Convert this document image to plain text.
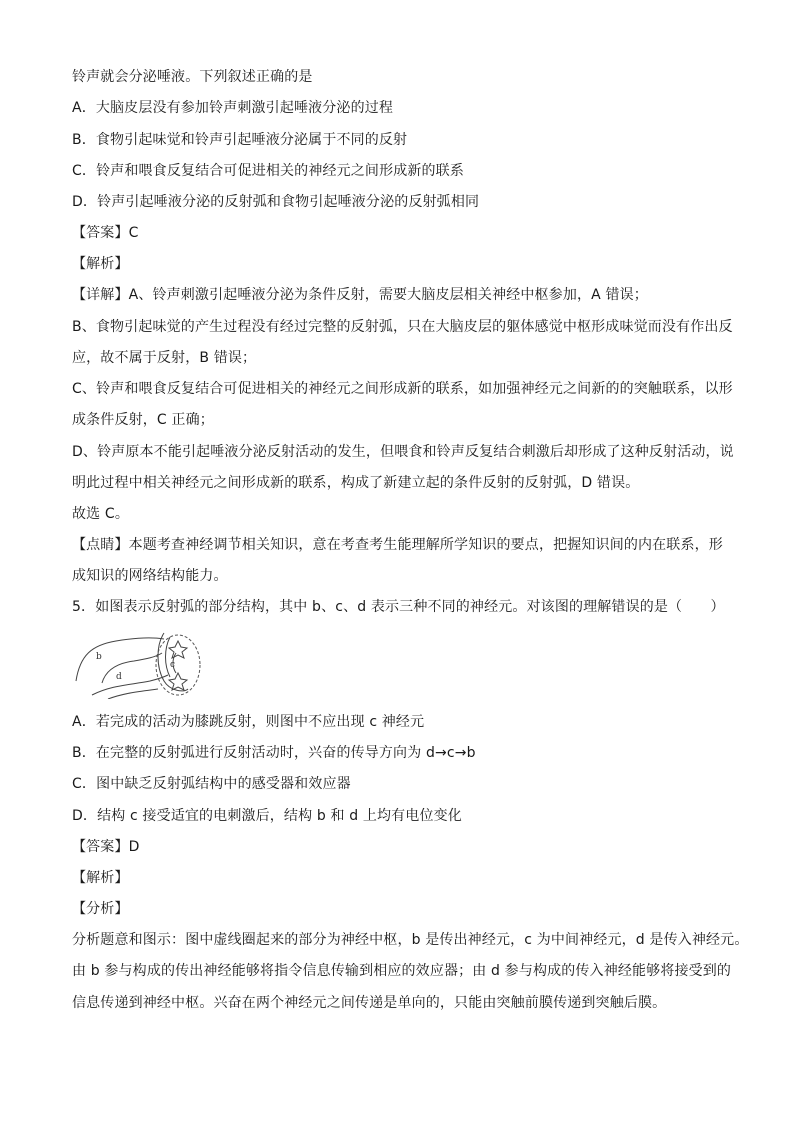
铃声就会分泌唾液。下列叙述正确的是
A．大脑皮层没有参加铃声刺激引起唾液分泌的过程
B．食物引起味觉和铃声引起唾液分泌属于不同的反射
C．铃声和喂食反复结合可促进相关的神经元之间形成新的联系
D．铃声引起唾液分泌的反射弧和食物引起唾液分泌的反射弧相同
【答案】C
【解析】
【详解】A、铃声刺激引起唾液分泌为条件反射，需要大脑皮层相关神经中枢参加，A 错误；
B、食物引起味觉的产生过程没有经过完整的反射弧，只在大脑皮层的躯体感觉中枢形成味觉而没有作出反
应，故不属于反射，B 错误；
C、铃声和喂食反复结合可促进相关的神经元之间形成新的联系，如加强神经元之间新的的突触联系，以形
成条件反射，C 正确；
D、铃声原本不能引起唾液分泌反射活动的发生，但喂食和铃声反复结合刺激后却形成了这种反射活动，说
明此过程中相关神经元之间形成新的联系，构成了新建立起的条件反射的反射弧，D 错误。
故选 C。
【点睛】本题考查神经调节相关知识，意在考查考生能理解所学知识的要点，把握知识间的内在联系，形
成知识的网络结构能力。
5．如图表示反射弧的部分结构，其中 b、c、d 表示三种不同的神经元。对该图的理解错误的是（　　）
b
c
d
A．若完成的活动为膝跳反射，则图中不应出现 c 神经元
B．在完整的反射弧进行反射活动时，兴奋的传导方向为 d→c→b
C．图中缺乏反射弧结构中的感受器和效应器
D．结构 c 接受适宜的电刺激后，结构 b 和 d 上均有电位变化
【答案】D
【解析】
【分析】
分析题意和图示：图中虚线圈起来的部分为神经中枢，b 是传出神经元，c 为中间神经元，d 是传入神经元。
由 b 参与构成的传出神经能够将指令信息传输到相应的效应器；由 d 参与构成的传入神经能够将接受到的
信息传递到神经中枢。兴奋在两个神经元之间传递是单向的，只能由突触前膜传递到突触后膜。
